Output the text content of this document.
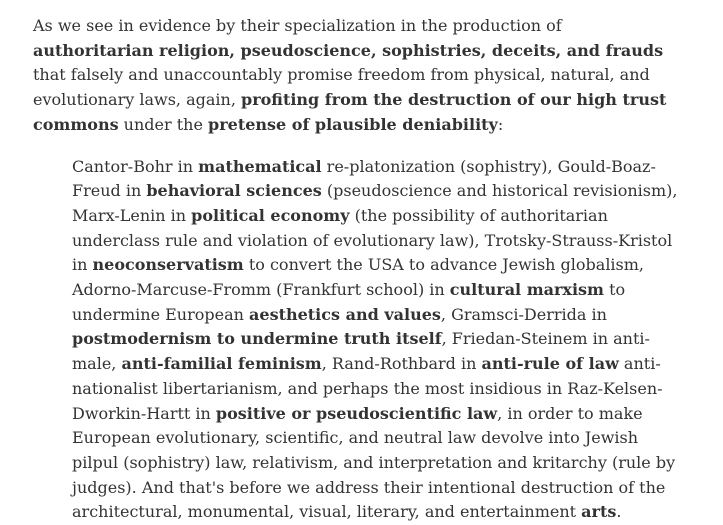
As we see in evidence by their specialization in the production of authoritarian religion, pseudoscience, sophistries, deceits, and frauds that falsely and unaccountably promise freedom from physical, natural, and evolutionary laws, again, profiting from the destruction of our high trust commons under the pretense of plausible deniability:

Cantor-Bohr in mathematical re-platonization (sophistry), Gould-Boaz-Freud in behavioral sciences (pseudoscience and historical revisionism), Marx-Lenin in political economy (the possibility of authoritarian underclass rule and violation of evolutionary law), Trotsky-Strauss-Kristol in neoconservatism to convert the USA to advance Jewish globalism, Adorno-Marcuse-Fromm (Frankfurt school) in cultural marxism to undermine European aesthetics and values, Gramsci-Derrida in postmodernism to undermine truth itself, Friedan-Steinem in anti-male, anti-familial feminism, Rand-Rothbard in anti-rule of law anti-nationalist libertarianism, and perhaps the most insidious in Raz-Kelsen-Dworkin-Hartt in positive or pseudoscientific law, in order to make European evolutionary, scientific, and neutral law devolve into Jewish pilpul (sophistry) law, relativism, and interpretation and kritarchy (rule by judges). And that's before we address their intentional destruction of the architectural, monumental, visual, literary, and entertainment arts.
